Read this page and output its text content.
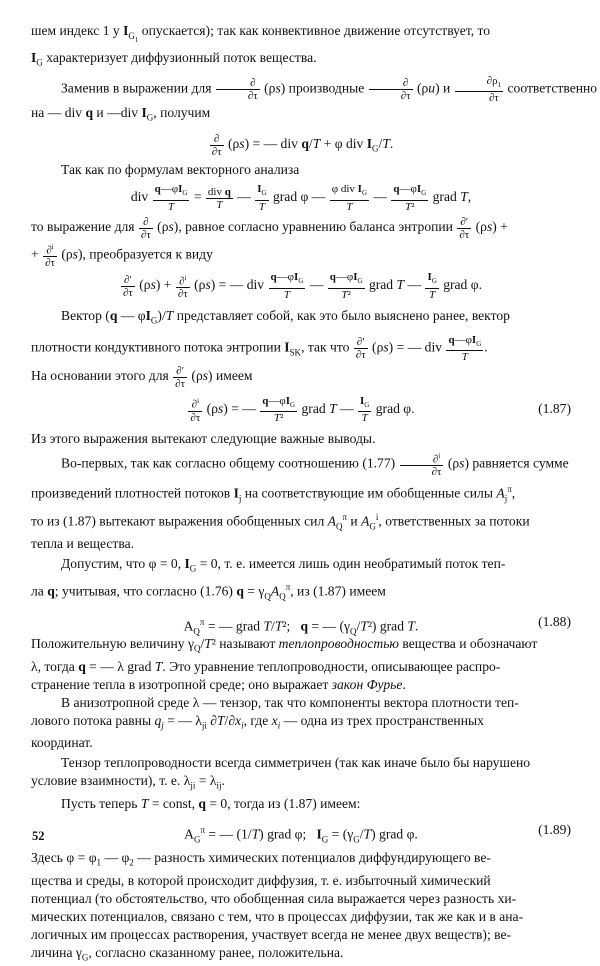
шем индекс 1 у $I_{G_1}$ опускается); так как конвективное движение отсутствует, то
$I_G$ характеризует диффузионный поток вещества.
Заменив в выражении для	∂
∂τ
(ρs) производные	∂
∂τ
(ρu) и $\frac{\partial\rho_1}{\partial\tau}$ соответственно
на — div q и —div $I_G$, получим
∂
∂τ
(ρs) = — div q/T + φ div $I_G/T$.
Так как по формулам векторного анализа
div $q—\varphi I_G$
T
= div q
T
— $\frac{I_G}{T}$ grad φ — φ div $I_G$
T
— $q—\varphi I_G$
T²
grad T,
то выражение для ∂
∂τ
(ρs), равное согласно уравнению баланса энтропии ∂′
∂τ
(ρs) +
+ $\frac{\partial^i}{\partial\tau} (\rho s)$, преобразуется к виду
∂′
∂τ
$(\rho s) + \frac{\partial^i}{\partial\tau} (\rho s)$ = — div $q—\varphi I_G$
T
— $q—\varphi I_G$
T²
grad T — $\frac{I_G}{T}$ grad φ.
Вектор (q — $\varphi I_G)/T$ представляет собой, как это было выяснено ранее, вектор
плотности кондуктивного потока энтропии $I_{SK}$, так что ∂′
∂τ
(ρs) = — div $q—\varphi I_G$
T
.
На основании этого для ∂′
∂τ
(ρs) имеем
$\frac{\partial^i}{\partial\tau} (\rho s)$ = — $q—\varphi I_G$
T²
grad T — $\frac{I_G}{T}$ grad φ.	(1.87)
Из этого выражения вытекают следующие важные выводы.
Во-первых, так как согласно общему соотношению $(1.77) \frac{\partial^i}{\partial\tau} (\rho s)$ равняется сумме
произведений плотностей потоков $I_j$ на соответствующие им обобщенные силы $A_j^\pi$,
то из (1.87) вытекают выражения обобщенных сил $A_Q^\pi$ и $A_G^i$, ответственных за потоки
тепла и вещества.
Допустим, что φ = 0, $I_G = 0$, т. е. имеется лишь один необратимый поток теп-
ла q; учитывая, что согласно (1.76) $q = \gamma_QA_Q^\pi$, из (1.87) имеем
$A_Q^\pi$ = — grad T/T²;   q = — $(\gamma_Q/T^2)$ grad T.	(1.88)
Положительную величину $\gamma_Q/T^2$ называют теплопроводностью вещества и обозначают
λ, тогда q = — λ grad T. Это уравнение теплопроводности, описывающее распро-
странение тепла в изотропной среде; оно выражает закон Фурье.
В анизотропной среде λ — тензор, так что компоненты вектора плотности теп-
лового потока равны $q_j$ = — $\lambda_{ji}$ $\partial T/\partial x_i$, где $x_i$ — одна из трех пространственных
координат.
Тензор теплопроводности всегда симметричен (так как иначе было бы нарушено
условие взаимности), т. е. $\lambda_{ji} = \lambda_{ij}$.
Пусть теперь T = const, q = 0, тогда из (1.87) имеем:
$A_G^\pi$ = — (1/T) grad φ;   $I_G = (\gamma_G/T)$ grad φ.	(1.89)
Здесь $\varphi = \varphi_1$ — $\varphi_2$ — разность химических потенциалов диффундирующего ве-
щества и среды, в которой происходит диффузия, т. е. избыточный химический
потенциал (то обстоятельство, что обобщенная сила выражается через разность хи-
мических потенциалов, связано с тем, что в процессах диффузии, так же как и в ана-
логичных им процессах растворения, участвует всегда не менее двух веществ); ве-
личина $\gamma_G$, согласно сказанному ранее, положительна.
52
